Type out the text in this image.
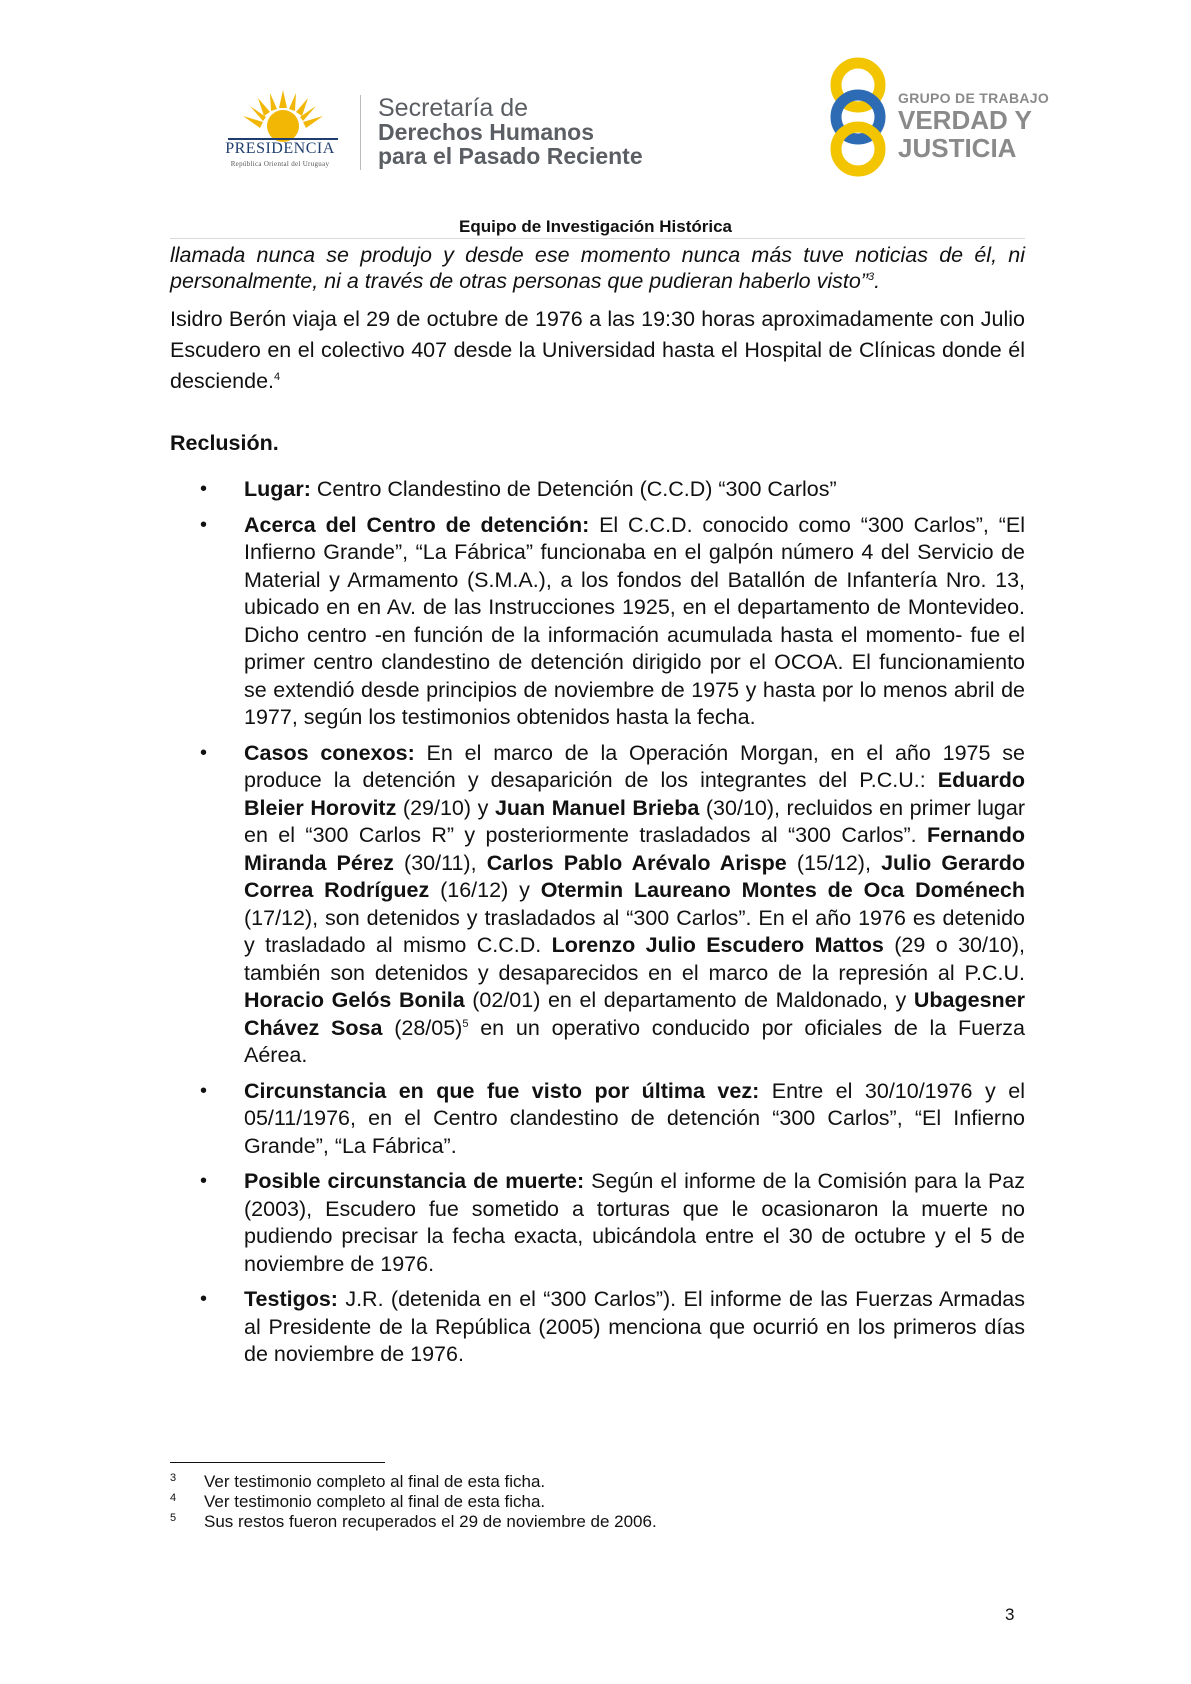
PRESIDENCIA
República Oriental del Uruguay
Secretaría de
Derechos Humanos
para el Pasado Reciente
GRUPO DE TRABAJO
VERDAD Y
JUSTICIA
Equipo de Investigación Histórica

llamada nunca se produjo y desde ese momento nunca más tuve noticias de él, ni personalmente, ni a través de otras personas que pudieran haberlo visto”$^3$.

Isidro Berón viaja el 29 de octubre de 1976 a las 19:30 horas aproximadamente con Julio Escudero en el colectivo 407 desde la Universidad hasta el Hospital de Clínicas donde él desciende.$^4$

Reclusión.
• Lugar: Centro Clandestino de Detención (C.C.D) “300 Carlos”
• Acerca del Centro de detención: El C.C.D. conocido como “300 Carlos”, “El Infierno Grande”, “La Fábrica” funcionaba en el galpón número 4 del Servicio de Material y Armamento (S.M.A.), a los fondos del Batallón de Infantería Nro. 13, ubicado en en Av. de las Instrucciones 1925, en el departamento de Montevideo. Dicho centro -en función de la información acumulada hasta el momento- fue el primer centro clandestino de detención dirigido por el OCOA. El funcionamiento se extendió desde principios de noviembre de 1975 y hasta por lo menos abril de 1977, según los testimonios obtenidos hasta la fecha.
• Casos conexos: En el marco de la Operación Morgan, en el año 1975 se produce la detención y desaparición de los integrantes del P.C.U.: Eduardo Bleier Horovitz (29/10) y Juan Manuel Brieba (30/10), recluidos en primer lugar en el “300 Carlos R” y posteriormente trasladados al “300 Carlos”. Fernando Miranda Pérez (30/11), Carlos Pablo Arévalo Arispe (15/12), Julio Gerardo Correa Rodríguez (16/12) y Otermin Laureano Montes de Oca Doménech (17/12), son detenidos y trasladados al “300 Carlos”. En el año 1976 es detenido y trasladado al mismo C.C.D. Lorenzo Julio Escudero Mattos (29 o 30/10), también son detenidos y desaparecidos en el marco de la represión al P.C.U. Horacio Gelós Bonila (02/01) en el departamento de Maldonado, y Ubagesner Chávez Sosa $(28/05)^5$ en un operativo conducido por oficiales de la Fuerza Aérea.
• Circunstancia en que fue visto por última vez: Entre el 30/10/1976 y el 05/11/1976, en el Centro clandestino de detención “300 Carlos”, “El Infierno Grande”, “La Fábrica”.
• Posible circunstancia de muerte: Según el informe de la Comisión para la Paz (2003), Escudero fue sometido a torturas que le ocasionaron la muerte no pudiendo precisar la fecha exacta, ubicándola entre el 30 de octubre y el 5 de noviembre de 1976.
• Testigos: J.R. (detenida en el “300 Carlos”). El informe de las Fuerzas Armadas al Presidente de la República (2005) menciona que ocurrió en los primeros días de noviembre de 1976.
3 Ver testimonio completo al final de esta ficha.
4 Ver testimonio completo al final de esta ficha.
5 Sus restos fueron recuperados el 29 de noviembre de 2006.
3
